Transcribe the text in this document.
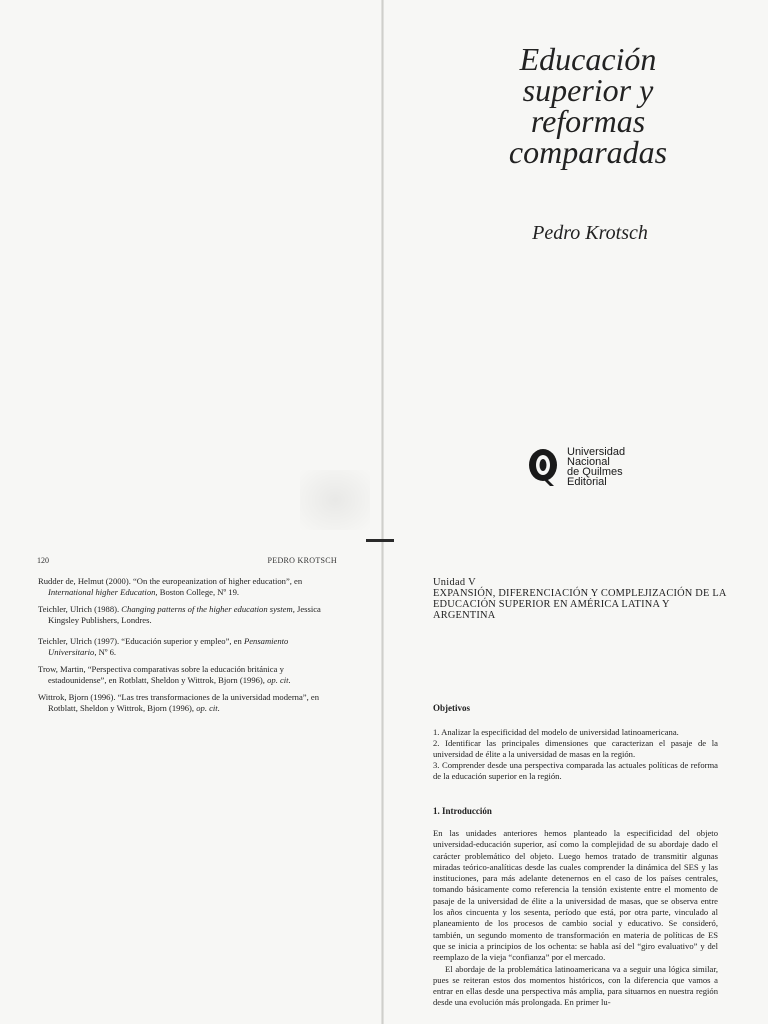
Educación
superior y
reformas
comparadas
Pedro Krotsch
Universidad
Nacional
de Quilmes
Editorial
120	PEDRO KROTSCH

Rudder de, Helmut (2000). “On the europeanization of higher education”, en International higher Education, Boston College, Nº 19.

Teichler, Ulrich (1988). Changing patterns of the higher education system, Jessica Kingsley Publishers, Londres.

Teichler, Ulrich (1997). “Educación superior y empleo”, en Pensamiento Universitario, Nº 6.

Trow, Martin, “Perspectiva comparativas sobre la educación británica y estadounidense”, en Rotblatt, Sheldon y Wittrok, Bjorn (1996), op. cit.

Wittrok, Bjorn (1996). “Las tres transformaciones de la universidad moderna”, en Rotblatt, Sheldon y Wittrok, Bjorn (1996), op. cit.

Unidad V
EXPANSIÓN, DIFERENCIACIÓN Y COMPLEJIZACIÓN DE LA EDUCACIÓN SUPERIOR EN AMÉRICA LATINA Y ARGENTINA
Objetivos

1. Analizar la especificidad del modelo de universidad latinoamericana.

2. Identificar las principales dimensiones que caracterizan el pasaje de la universidad de élite a la universidad de masas en la región.

3. Comprender desde una perspectiva comparada las actuales políticas de reforma de la educación superior en la región.

1. Introducción

En las unidades anteriores hemos planteado la especificidad del objeto universidad-educación superior, así como la complejidad de su abordaje dado el carácter problemático del objeto. Luego hemos tratado de transmitir algunas miradas teórico-analíticas desde las cuales comprender la dinámica del SES y las instituciones, para más adelante detenernos en el caso de los países centrales, tomando básicamente como referencia la tensión existente entre el momento de pasaje de la universidad de élite a la universidad de masas, que se observa entre los años cincuenta y los sesenta, período que está, por otra parte, vinculado al planeamiento de los procesos de cambio social y educativo. Se consideró, también, un segundo momento de transformación en materia de políticas de ES que se inicia a principios de los ochenta: se habla así del “giro evaluativo” y del reemplazo de la vieja “confianza” por el mercado.

El abordaje de la problemática latinoamericana va a seguir una lógica similar, pues se reiteran estos dos momentos históricos, con la diferencia que vamos a entrar en ellas desde una perspectiva más amplia, para situarnos en nuestra región desde una evolución más prolongada. En primer lu-
